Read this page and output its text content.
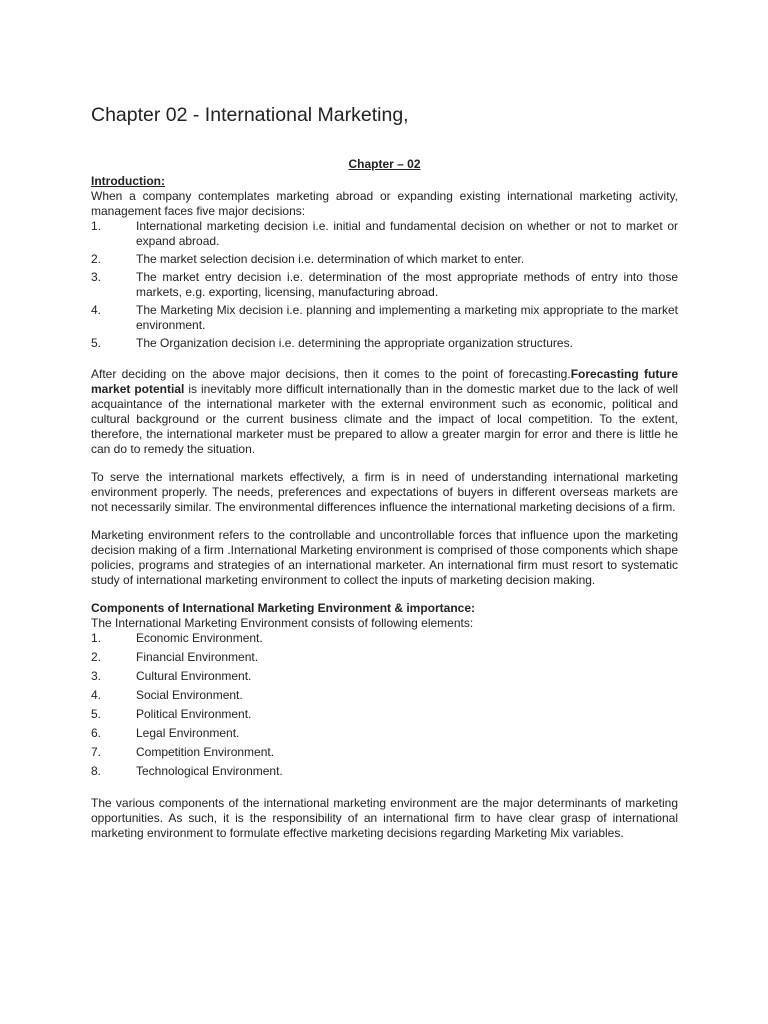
Chapter 02 - International Marketing,
Chapter – 02
Introduction:

When a company contemplates marketing abroad or expanding existing international marketing activity, management faces five major decisions:

1.	International marketing decision i.e. initial and fundamental decision on whether or not to market or expand abroad.
2.	The market selection decision i.e. determination of which market to enter.
3.	The market entry decision i.e. determination of the most appropriate methods of entry into those markets, e.g. exporting, licensing, manufacturing abroad.
4.	The Marketing Mix decision i.e. planning and implementing a marketing mix appropriate to the market environment.
5.	The Organization decision i.e. determining the appropriate organization structures.

After deciding on the above major decisions, then it comes to the point of forecasting.Forecasting future market potential is inevitably more difficult internationally than in the domestic market due to the lack of well acquaintance of the international marketer with the external environment such as economic, political and cultural background or the current business climate and the impact of local competition. To the extent, therefore, the international marketer must be prepared to allow a greater margin for error and there is little he can do to remedy the situation.

To serve the international markets effectively, a firm is in need of understanding international marketing environment properly. The needs, preferences and expectations of buyers in different overseas markets are not necessarily similar. The environmental differences influence the international marketing decisions of a firm.

Marketing environment refers to the controllable and uncontrollable forces that influence upon the marketing decision making of a firm .International Marketing environment is comprised of those components which shape policies, programs and strategies of an international marketer. An international firm must resort to systematic study of international marketing environment to collect the inputs of marketing decision making.

Components of International Marketing Environment & importance:

The International Marketing Environment consists of following elements:

1.	Economic Environment.
2.	Financial Environment.
3.	Cultural Environment.
4.	Social Environment.
5.	Political Environment.
6.	Legal Environment.
7.	Competition Environment.
8.	Technological Environment.

The various components of the international marketing environment are the major determinants of marketing opportunities. As such, it is the responsibility of an international firm to have clear grasp of international marketing environment to formulate effective marketing decisions regarding Marketing Mix variables.
